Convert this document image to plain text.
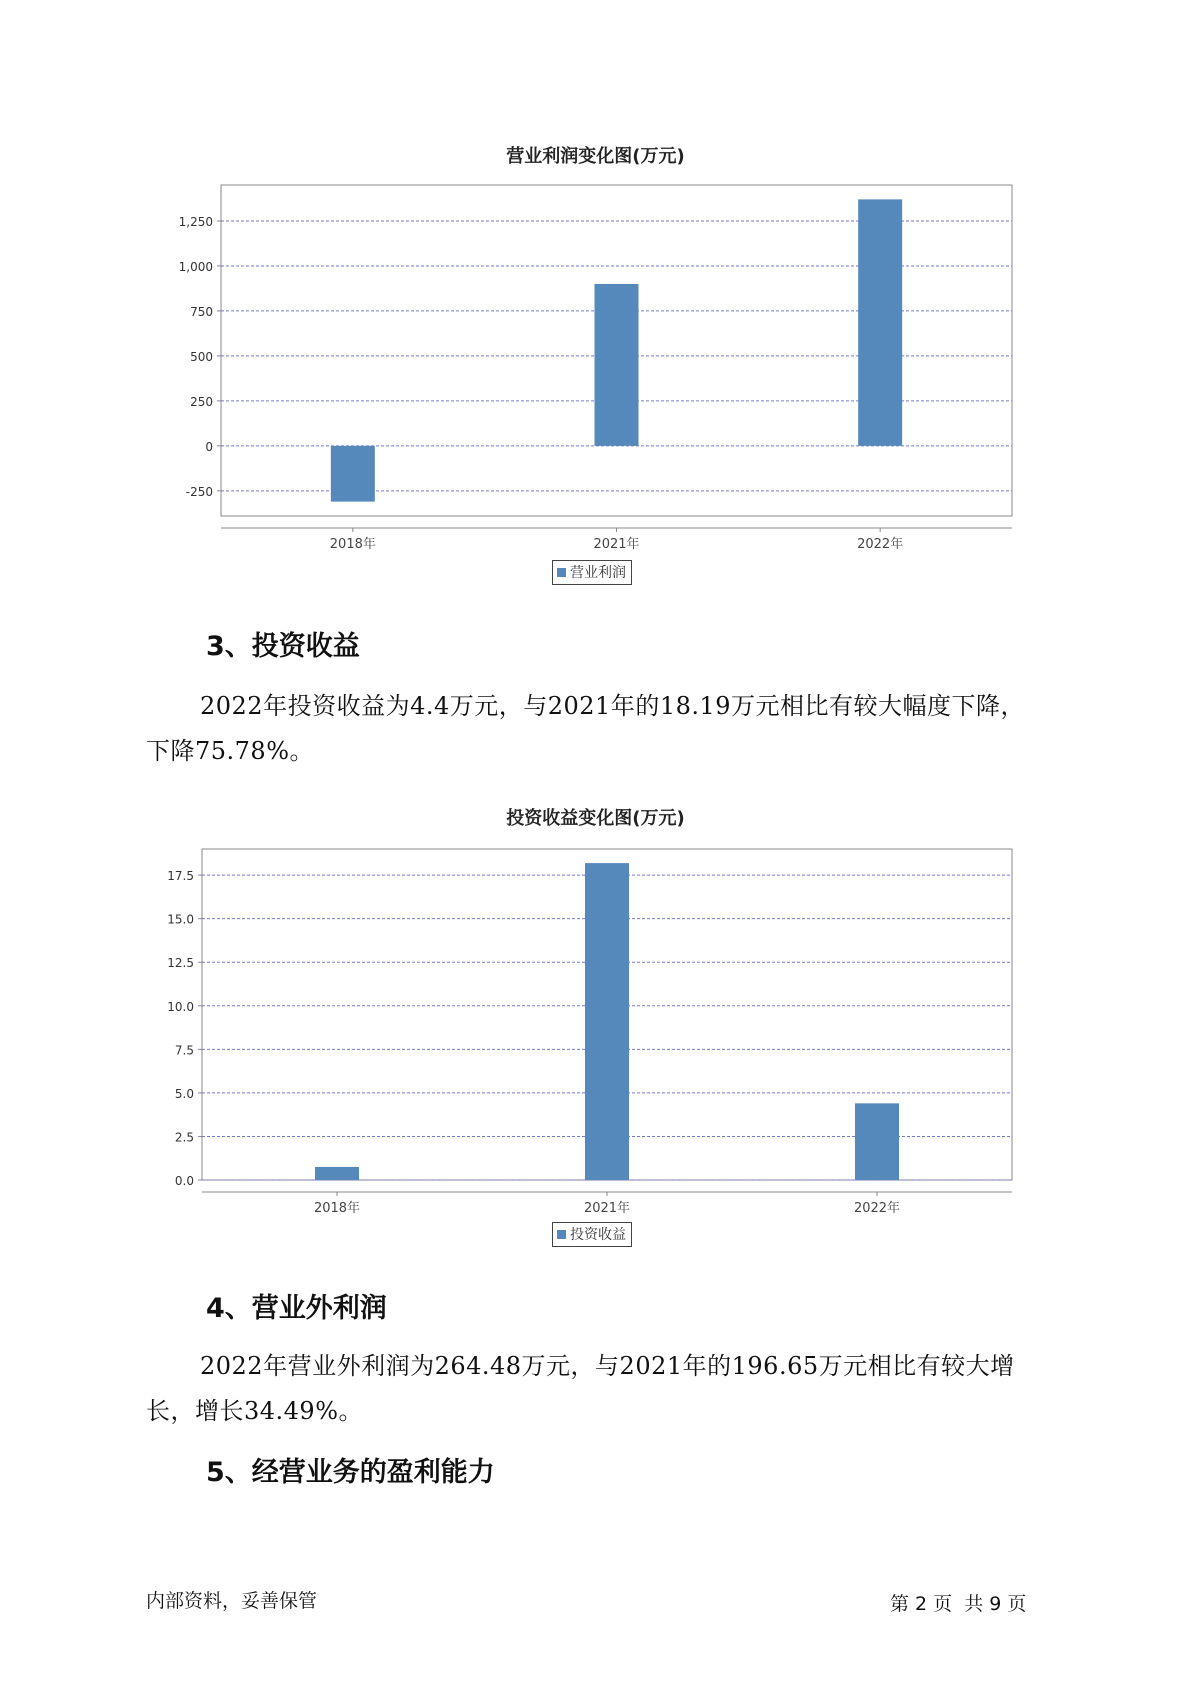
营业利润变化图(万元)
1,250
1,000
750
500
250
0
-250
2018年	2021年	2022年
营业利润
3、投资收益
2022年投资收益为4.4万元，与2021年的18.19万元相比有较大幅度下降，下降75.78%。
投资收益变化图(万元)
17.5
15.0
12.5
10.0
7.5
5.0
2.5
0.0
2018年	2021年	2022年
投资收益
4、营业外利润
2022年营业外利润为264.48万元，与2021年的196.65万元相比有较大增长，增长34.49%。
5、经营业务的盈利能力
内部资料，妥善保管	第 2 页  共 9 页
